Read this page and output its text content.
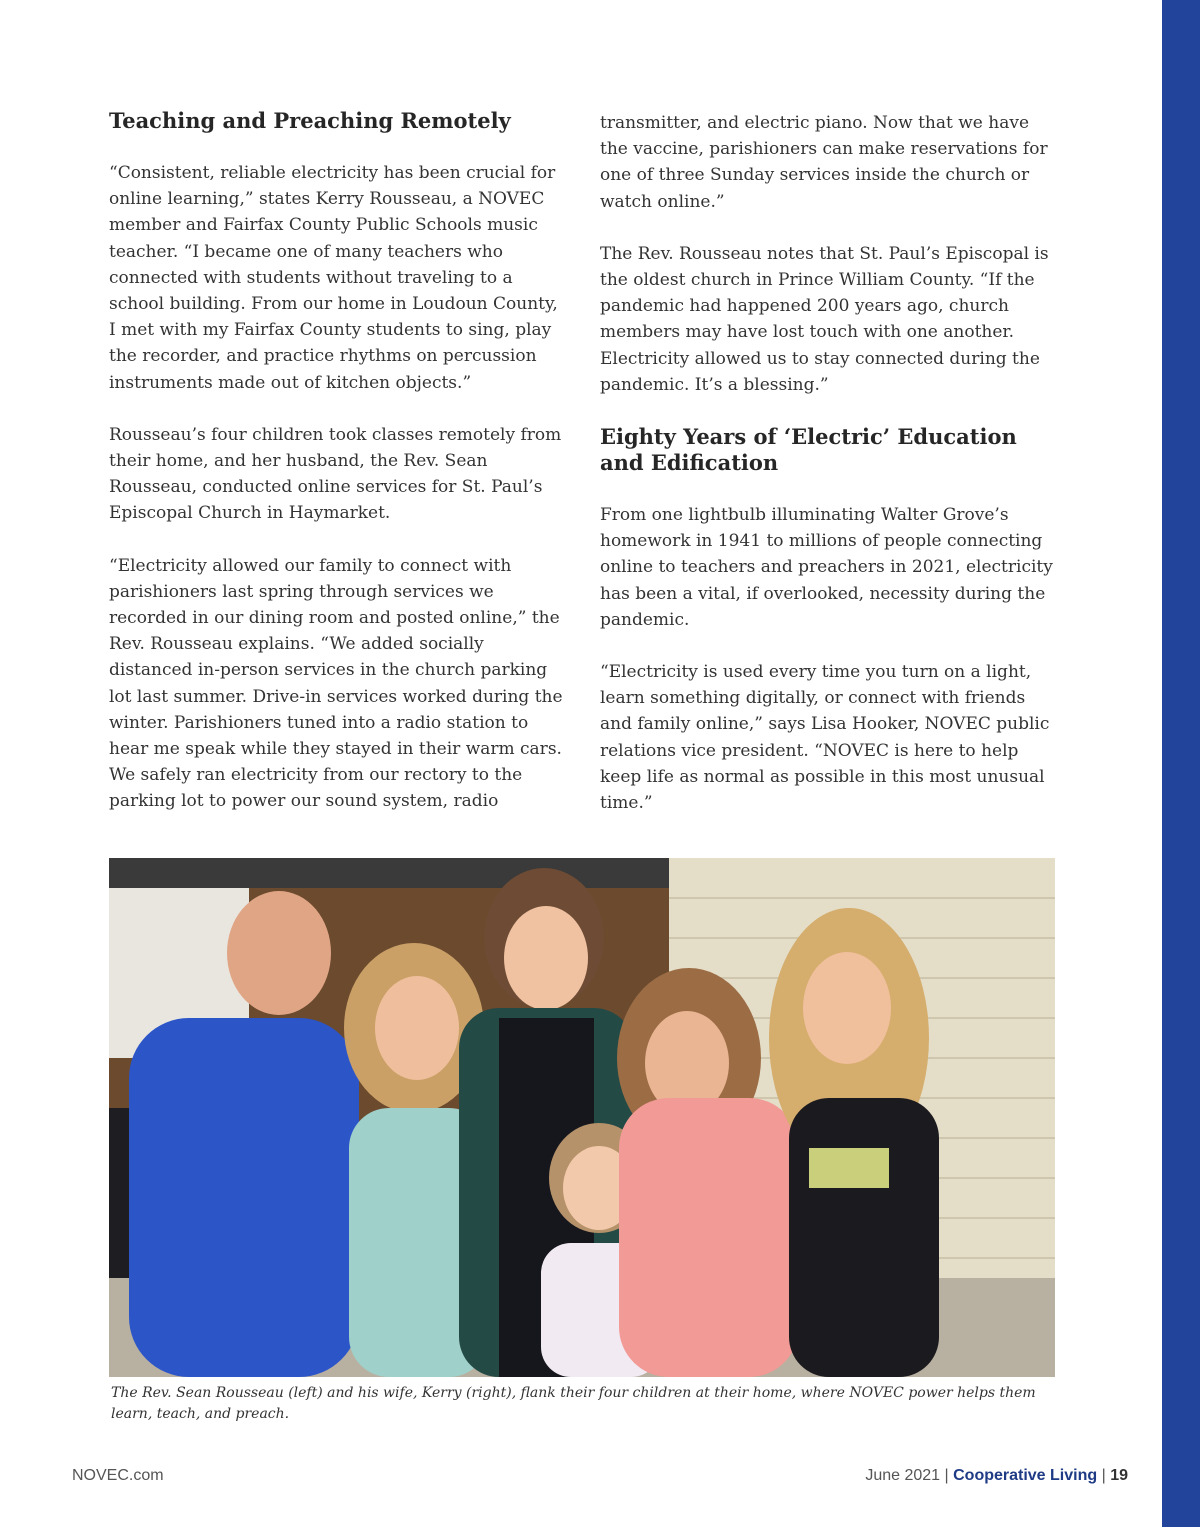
Teaching and Preaching Remotely

“Consistent, reliable electricity has been crucial for online learning,” states Kerry Rousseau, a NOVEC member and Fairfax County Public Schools music teacher. “I became one of many teachers who connected with students without traveling to a school building. From our home in Loudoun County, I met with my Fairfax County students to sing, play the recorder, and practice rhythms on percussion instruments made out of kitchen objects.”

Rousseau’s four children took classes remotely from their home, and her husband, the Rev. Sean Rousseau, conducted online services for St. Paul’s Episcopal Church in Haymarket.

“Electricity allowed our family to connect with parishioners last spring through services we recorded in our dining room and posted online,” the Rev. Rousseau explains. “We added socially distanced in-person services in the church parking lot last summer. Drive-in services worked during the winter. Parishioners tuned into a radio station to hear me speak while they stayed in their warm cars. We safely ran electricity from our rectory to the parking lot to power our sound system, radio

transmitter, and electric piano. Now that we have the vaccine, parishioners can make reservations for one of three Sunday services inside the church or watch online.”

The Rev. Rousseau notes that St. Paul’s Episcopal is the oldest church in Prince William County. “If the pandemic had happened 200 years ago, church members may have lost touch with one another. Electricity allowed us to stay connected during the pandemic. It’s a blessing.”

Eighty Years of ‘Electric’ Education and Edification

From one lightbulb illuminating Walter Grove’s homework in 1941 to millions of people connecting online to teachers and preachers in 2021, electricity has been a vital, if overlooked, necessity during the pandemic.

“Electricity is used every time you turn on a light, learn something digitally, or connect with friends and family online,” says Lisa Hooker, NOVEC public relations vice president. “NOVEC is here to help keep life as normal as possible in this most unusual time.”

The Rev. Sean Rousseau (left) and his wife, Kerry (right), flank their four children at their home, where NOVEC power helps them learn, teach, and preach.

NOVEC.com	June 2021 | Cooperative Living | 19
